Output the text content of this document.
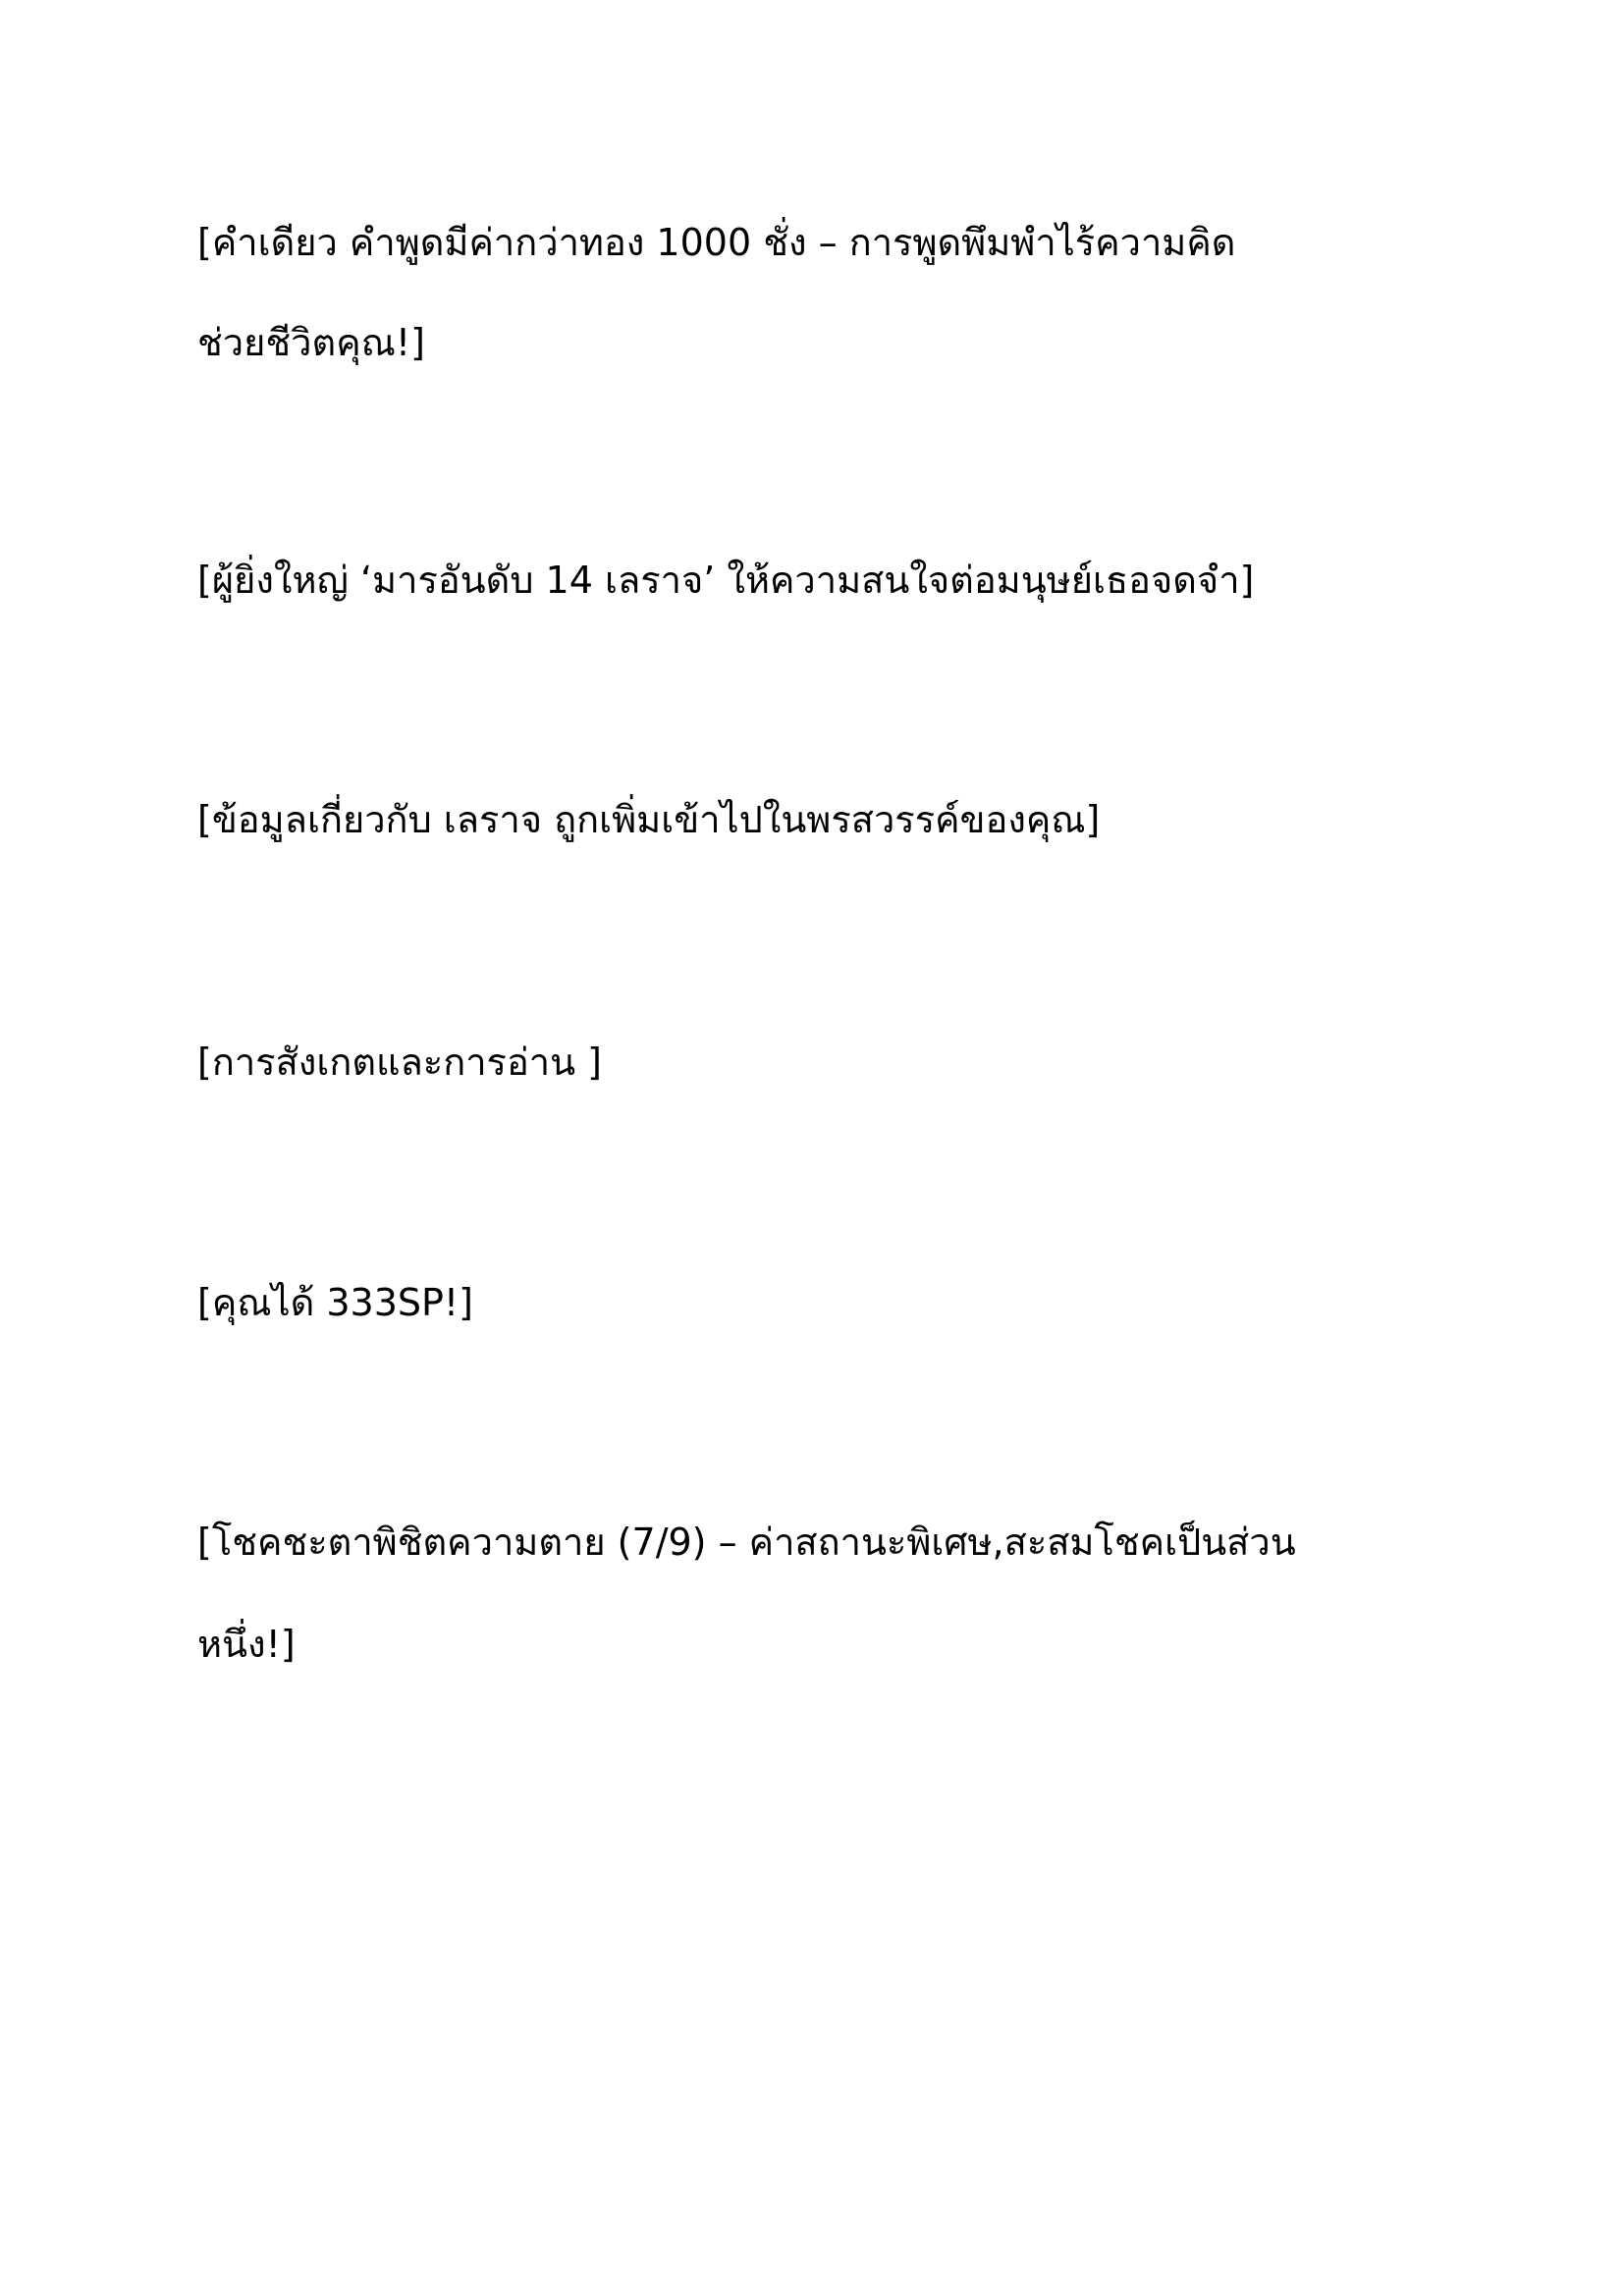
[คำเดียว คำพูดมีค่ากว่าทอง 1000 ชั่ง – การพูดพึมพำไร้ความคิด

ช่วยชีวิตคุณ!]

[ผู้ยิ่งใหญ่ ‘มารอันดับ 14 เลราจ’ ให้ความสนใจต่อมนุษย์เธอจดจำ]

[ข้อมูลเกี่ยวกับ เลราจ ถูกเพิ่มเข้าไปในพรสวรรค์ของคุณ]

[การสังเกตและการอ่าน ]

[คุณได้ 333SP!]

[โชคชะตาพิชิตความตาย (7/9) – ค่าสถานะพิเศษ,สะสมโชคเป็นส่วน

หนึ่ง!]
